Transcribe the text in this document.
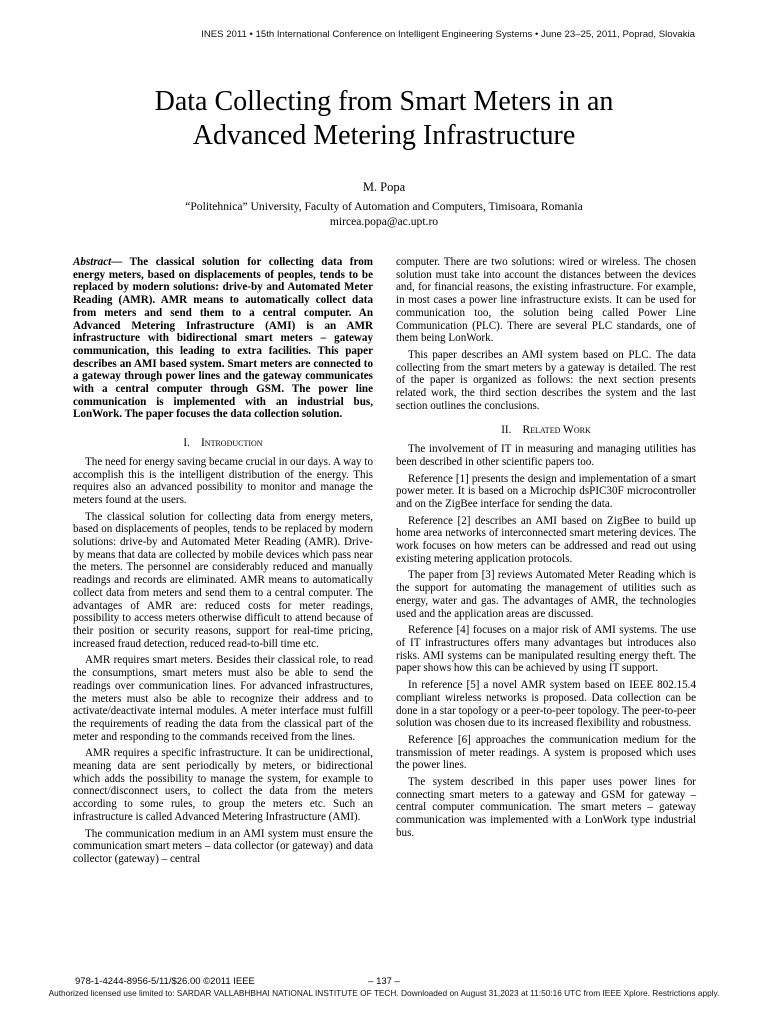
INES 2011 • 15th International Conference on Intelligent Engineering Systems • June 23–25, 2011, Poprad, Slovakia
Data Collecting from Smart Meters in an
Advanced Metering Infrastructure
M. Popa
“Politehnica” University, Faculty of Automation and Computers, Timisoara, Romania
mircea.popa@ac.upt.ro

Abstract— The classical solution for collecting data from energy meters, based on displacements of peoples, tends to be replaced by modern solutions: drive-by and Automated Meter Reading (AMR). AMR means to automatically collect data from meters and send them to a central computer. An Advanced Metering Infrastructure (AMI) is an AMR infrastructure with bidirectional smart meters – gateway communication, this leading to extra facilities. This paper describes an AMI based system. Smart meters are connected to a gateway through power lines and the gateway communicates with a central computer through GSM. The power line communication is implemented with an industrial bus, LonWork. The paper focuses the data collection solution.

I. Introduction

The need for energy saving became crucial in our days. A way to accomplish this is the intelligent distribution of the energy. This requires also an advanced possibility to monitor and manage the meters found at the users.

The classical solution for collecting data from energy meters, based on displacements of peoples, tends to be replaced by modern solutions: drive-by and Automated Meter Reading (AMR). Drive-by means that data are collected by mobile devices which pass near the meters. The personnel are considerably reduced and manually readings and records are eliminated. AMR means to automatically collect data from meters and send them to a central computer. The advantages of AMR are: reduced costs for meter readings, possibility to access meters otherwise difficult to attend because of their position or security reasons, support for real-time pricing, increased fraud detection, reduced read-to-bill time etc.

AMR requires smart meters. Besides their classical role, to read the consumptions, smart meters must also be able to send the readings over communication lines. For advanced infrastructures, the meters must also be able to recognize their address and to activate/deactivate internal modules. A meter interface must fulfill the requirements of reading the data from the classical part of the meter and responding to the commands received from the lines.

AMR requires a specific infrastructure. It can be unidirectional, meaning data are sent periodically by meters, or bidirectional which adds the possibility to manage the system, for example to connect/disconnect users, to collect the data from the meters according to some rules, to group the meters etc. Such an infrastructure is called Advanced Metering Infrastructure (AMI).

The communication medium in an AMI system must ensure the communication smart meters – data collector (or gateway) and data collector (gateway) – central

computer. There are two solutions: wired or wireless. The chosen solution must take into account the distances between the devices and, for financial reasons, the existing infrastructure. For example, in most cases a power line infrastructure exists. It can be used for communication too, the solution being called Power Line Communication (PLC). There are several PLC standards, one of them being LonWork.

This paper describes an AMI system based on PLC. The data collecting from the smart meters by a gateway is detailed. The rest of the paper is organized as follows: the next section presents related work, the third section describes the system and the last section outlines the conclusions.

II. Related Work

The involvement of IT in measuring and managing utilities has been described in other scientific papers too.

Reference [1] presents the design and implementation of a smart power meter. It is based on a Microchip dsPIC30F microcontroller and on the ZigBee interface for sending the data.

Reference [2] describes an AMI based on ZigBee to build up home area networks of interconnected smart metering devices. The work focuses on how meters can be addressed and read out using existing metering application protocols.

The paper from [3] reviews Automated Meter Reading which is the support for automating the management of utilities such as energy, water and gas. The advantages of AMR, the technologies used and the application areas are discussed.

Reference [4] focuses on a major risk of AMI systems. The use of IT infrastructures offers many advantages but introduces also risks. AMI systems can be manipulated resulting energy theft. The paper shows how this can be achieved by using IT support.

In reference [5] a novel AMR system based on IEEE 802.15.4 compliant wireless networks is proposed. Data collection can be done in a star topology or a peer-to-peer topology. The peer-to-peer solution was chosen due to its increased flexibility and robustness.

Reference [6] approaches the communication medium for the transmission of meter readings. A system is proposed which uses the power lines.

The system described in this paper uses power lines for connecting smart meters to a gateway and GSM for gateway – central computer communication. The smart meters – gateway communication was implemented with a LonWork type industrial bus.

978-1-4244-8956-5/11/$26.00 ©2011 IEEE	– 137 –
Authorized licensed use limited to: SARDAR VALLABHBHAI NATIONAL INSTITUTE OF TECH. Downloaded on August 31,2023 at 11:50:16 UTC from IEEE Xplore. Restrictions apply.
